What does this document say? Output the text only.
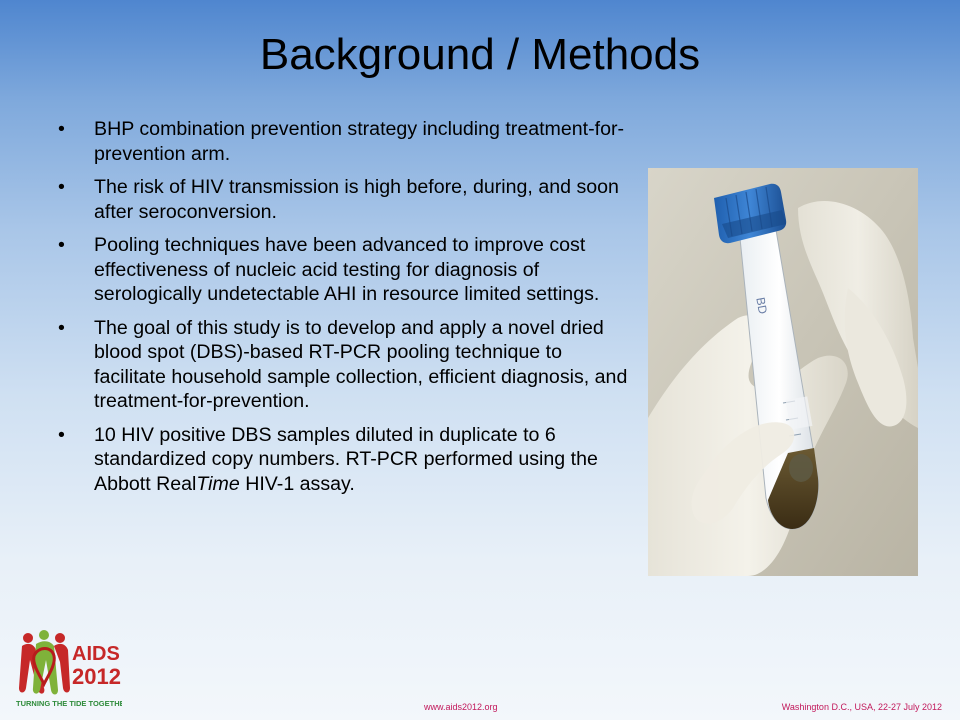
Background / Methods
• BHP combination prevention strategy including treatment-for-prevention arm.
• The risk of HIV transmission is high before, during, and soon after seroconversion.
• Pooling techniques have been advanced to improve cost effectiveness of nucleic acid testing for diagnosis of serologically undetectable AHI in resource limited settings.
• The goal of this study is to develop and apply a novel dried blood spot (DBS)-based RT-PCR pooling technique to facilitate household sample collection, efficient diagnosis, and treatment-for-prevention.
• 10 HIV positive DBS samples diluted in duplicate to 6 standardized copy numbers. RT-PCR performed using the Abbott RealTime HIV-1 assay.
BD
AIDS
2012
TURNING THE TIDE TOGETHER	www.aids2012.org	Washington D.C., USA, 22-27 July 2012
